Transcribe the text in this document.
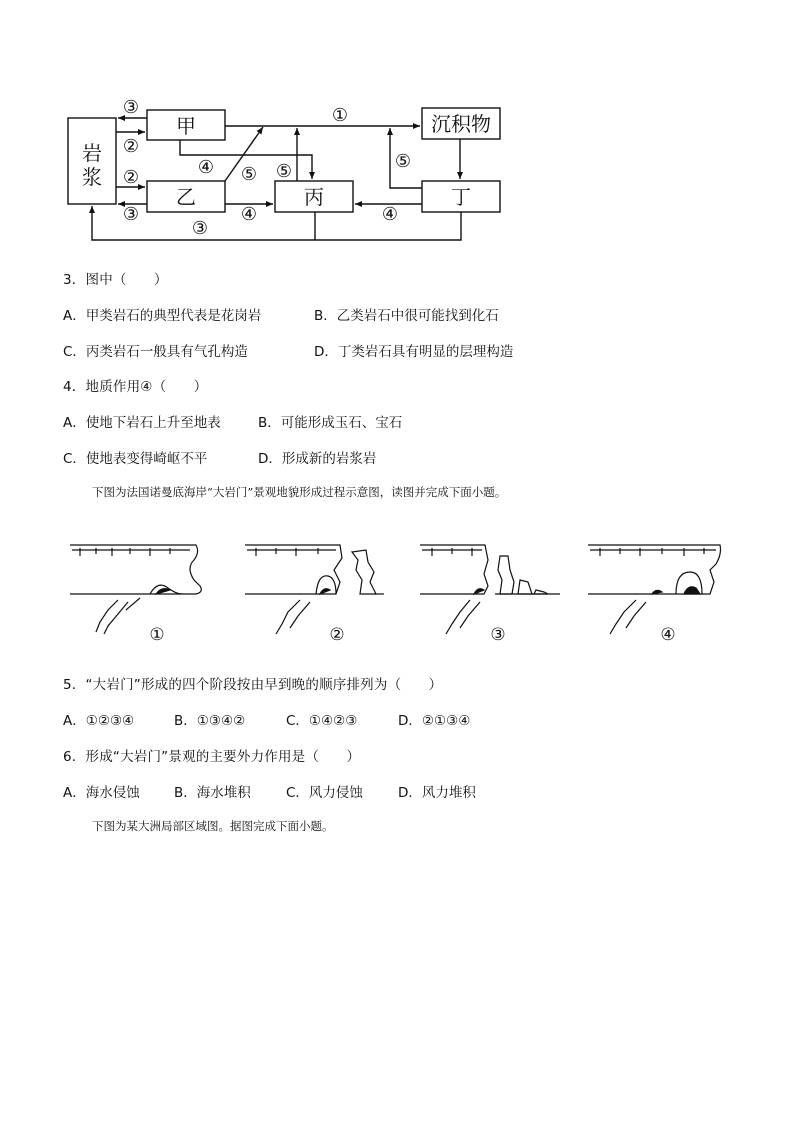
岩
浆
甲
乙	丙	丁
沉积物
③
②
②
③
①
④ ⑤ ⑤	⑤
④	④
③
3．图中（　　）
A．甲类岩石的典型代表是花岗岩	B．乙类岩石中很可能找到化石
C．丙类岩石一般具有气孔构造	D．丁类岩石具有明显的层理构造
4．地质作用④（　　）
A．使地下岩石上升至地表	B．可能形成玉石、宝石
C．使地表变得崎岖不平	D．形成新的岩浆岩
下图为法国诺曼底海岸“大岩门”景观地貌形成过程示意图，读图并完成下面小题。
①	②	③	④
5．“大岩门”形成的四个阶段按由早到晚的顺序排列为（　　）
A．①②③④	B．①③④②	C．①④②③	D．②①③④
6．形成“大岩门”景观的主要外力作用是（　　）
A．海水侵蚀	B．海水堆积	C．风力侵蚀	D．风力堆积
下图为某大洲局部区域图。据图完成下面小题。
